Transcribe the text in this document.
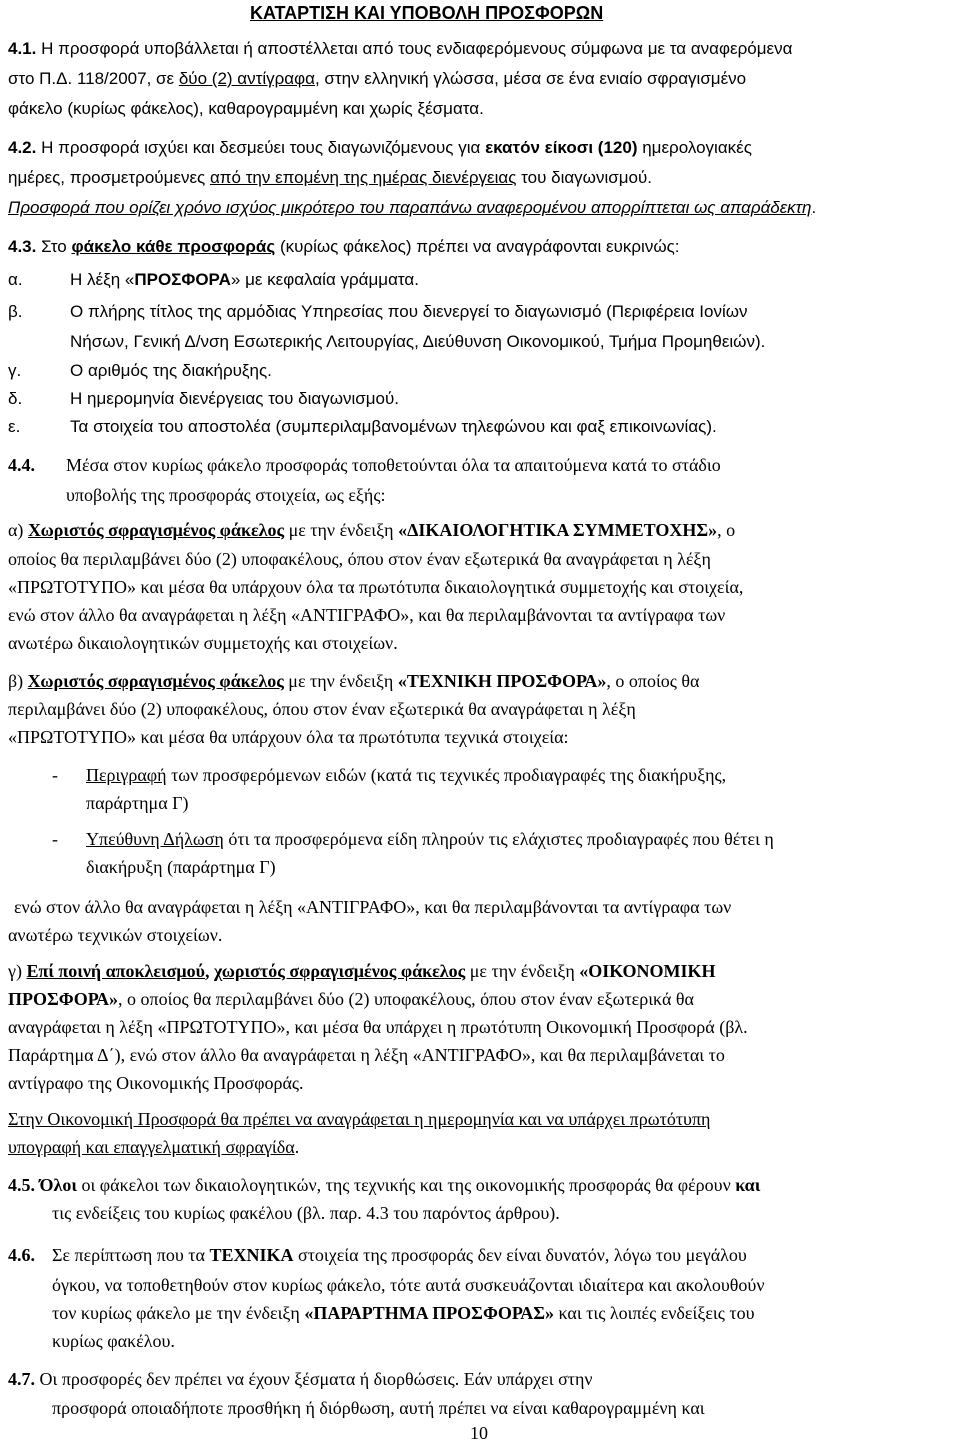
ΚΑΤΑΡΤΙΣΗ ΚΑΙ ΥΠΟΒΟΛΗ ΠΡΟΣΦΟΡΩΝ
4.1. Η προσφορά υποβάλλεται ή αποστέλλεται από τους ενδιαφερόμενους σύμφωνα με τα αναφερόμενα
στο Π.Δ. 118/2007, σε δύο (2) αντίγραφα, στην ελληνική γλώσσα, μέσα σε ένα ενιαίο σφραγισμένο
φάκελο (κυρίως φάκελος), καθαρογραμμένη και χωρίς ξέσματα.
4.2. Η προσφορά ισχύει και δεσμεύει τους διαγωνιζόμενους για εκατόν είκοσι (120) ημερολογιακές
ημέρες, προσμετρούμενες από την επομένη της ημέρας διενέργειας του διαγωνισμού.
Προσφορά που ορίζει χρόνο ισχύος μικρότερο του παραπάνω αναφερομένου απορρίπτεται ως απαράδεκτη.
4.3. Στο φάκελο κάθε προσφοράς (κυρίως φάκελος) πρέπει να αναγράφονται ευκρινώς:
α.	Η λέξη «ΠΡΟΣΦΟΡΑ» με κεφαλαία γράμματα.
β.	Ο πλήρης τίτλος της αρμόδιας Υπηρεσίας που διενεργεί το διαγωνισμό (Περιφέρεια Ιονίων
Νήσων, Γενική Δ/νση Εσωτερικής Λειτουργίας, Διεύθυνση Οικονομικού, Τμήμα Προμηθειών).
γ.	Ο αριθμός της διακήρυξης.
δ.	Η ημερομηνία διενέργειας του διαγωνισμού.
ε.	Τα στοιχεία του αποστολέα (συμπεριλαμβανομένων τηλεφώνου και φαξ επικοινωνίας).
4.4. Μέσα στον κυρίως φάκελο προσφοράς τοποθετούνται όλα τα απαιτούμενα κατά το στάδιο
υποβολής της προσφοράς στοιχεία, ως εξής:
α) Χωριστός σφραγισμένος φάκελος με την ένδειξη «ΔΙΚΑΙΟΛΟΓΗΤΙΚΑ ΣΥΜΜΕΤΟΧΗΣ», ο
οποίος θα περιλαμβάνει δύο (2) υποφακέλους, όπου στον έναν εξωτερικά θα αναγράφεται η λέξη
«ΠΡΩΤΟΤΥΠΟ» και μέσα θα υπάρχουν όλα τα πρωτότυπα δικαιολογητικά συμμετοχής και στοιχεία,
ενώ στον άλλο θα αναγράφεται η λέξη «ΑΝΤΙΓΡΑΦΟ», και θα περιλαμβάνονται τα αντίγραφα των
ανωτέρω δικαιολογητικών συμμετοχής και στοιχείων.
β) Χωριστός σφραγισμένος φάκελος με την ένδειξη «ΤΕΧΝΙΚΗ ΠΡΟΣΦΟΡΑ», ο οποίος θα
περιλαμβάνει δύο (2) υποφακέλους, όπου στον έναν εξωτερικά θα αναγράφεται η λέξη
«ΠΡΩΤΟΤΥΠΟ» και μέσα θα υπάρχουν όλα τα πρωτότυπα τεχνικά στοιχεία:
- Περιγραφή των προσφερόμενων ειδών (κατά τις τεχνικές προδιαγραφές της διακήρυξης,
παράρτημα Γ)
- Υπεύθυνη Δήλωση ότι τα προσφερόμενα είδη πληρούν τις ελάχιστες προδιαγραφές που θέτει η
διακήρυξη (παράρτημα Γ)
ενώ στον άλλο θα αναγράφεται η λέξη «ΑΝΤΙΓΡΑΦΟ», και θα περιλαμβάνονται τα αντίγραφα των
ανωτέρω τεχνικών στοιχείων.
γ) Επί ποινή αποκλεισμού, χωριστός σφραγισμένος φάκελος με την ένδειξη «ΟΙΚΟΝΟΜΙΚΗ
ΠΡΟΣΦΟΡΑ», ο οποίος θα περιλαμβάνει δύο (2) υποφακέλους, όπου στον έναν εξωτερικά θα
αναγράφεται η λέξη «ΠΡΩΤΟΤΥΠΟ», και μέσα θα υπάρχει η πρωτότυπη Οικονομική Προσφορά (βλ.
Παράρτημα Δ΄), ενώ στον άλλο θα αναγράφεται η λέξη «ΑΝΤΙΓΡΑΦΟ», και θα περιλαμβάνεται το
αντίγραφο της Οικονομικής Προσφοράς.
Στην Οικονομική Προσφορά θα πρέπει να αναγράφεται η ημερομηνία και να υπάρχει πρωτότυπη
υπογραφή και επαγγελματική σφραγίδα.
4.5. Όλοι οι φάκελοι των δικαιολογητικών, της τεχνικής και της οικονομικής προσφοράς θα φέρουν και
τις ενδείξεις του κυρίως φακέλου (βλ. παρ. 4.3 του παρόντος άρθρου).
4.6. Σε περίπτωση που τα ΤΕΧΝΙΚΑ στοιχεία της προσφοράς δεν είναι δυνατόν, λόγω του μεγάλου
όγκου, να τοποθετηθούν στον κυρίως φάκελο, τότε αυτά συσκευάζονται ιδιαίτερα και ακολουθούν
τον κυρίως φάκελο με την ένδειξη «ΠΑΡΑΡΤΗΜΑ ΠΡΟΣΦΟΡΑΣ» και τις λοιπές ενδείξεις του
κυρίως φακέλου.
4.7. Οι προσφορές δεν πρέπει να έχουν ξέσματα ή διορθώσεις. Εάν υπάρχει στην
προσφορά οποιαδήποτε προσθήκη ή διόρθωση, αυτή πρέπει να είναι καθαρογραμμένη και
10
